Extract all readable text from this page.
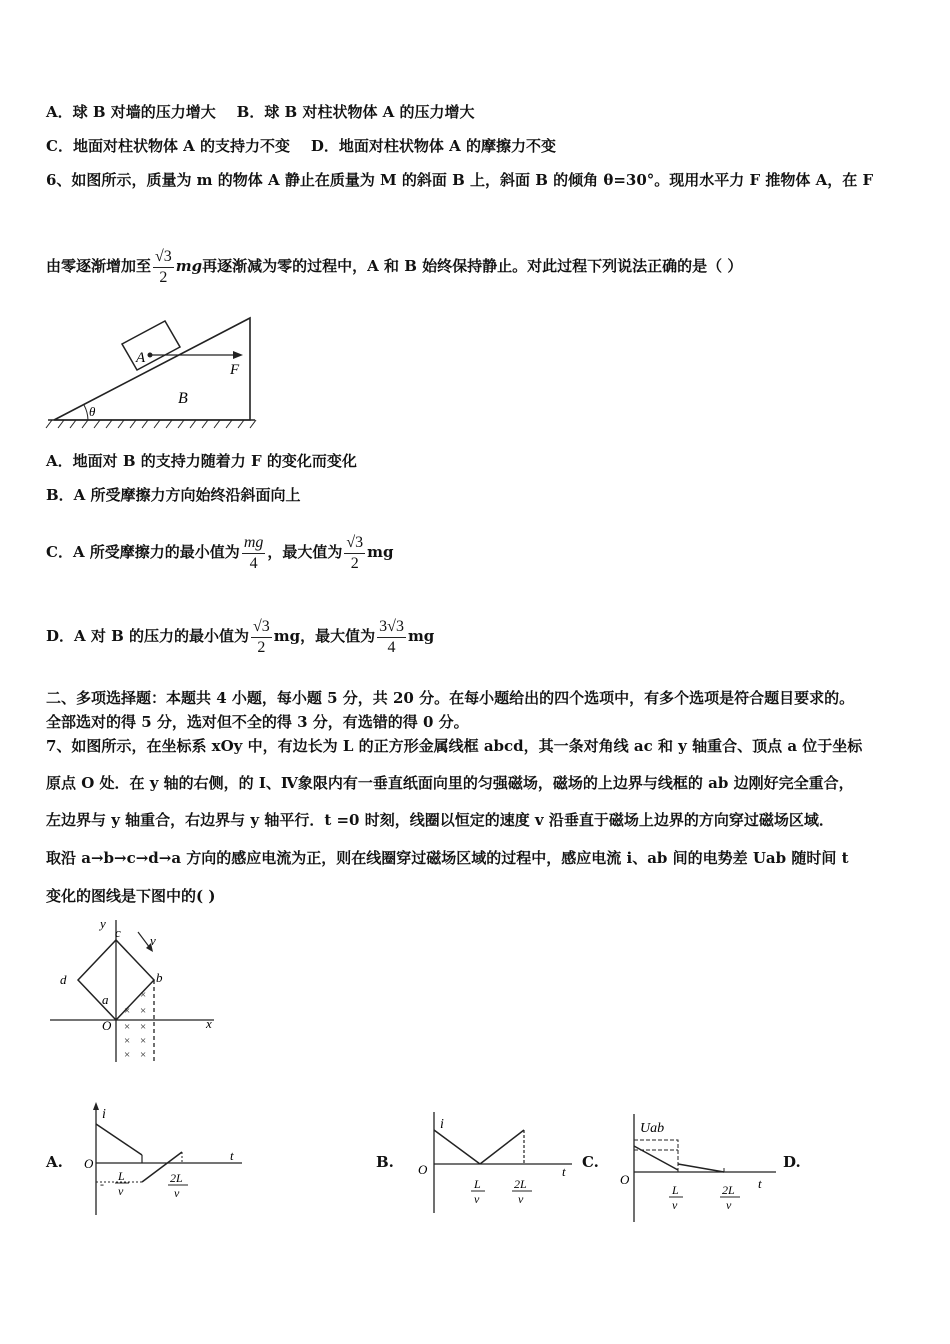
A．球 B 对墙的压力增大 B．球 B 对柱状物体 A 的压力增大
C．地面对柱状物体 A 的支持力不变 D．地面对柱状物体 A 的摩擦力不变
6、如图所示，质量为 m 的物体 A 静止在质量为 M 的斜面 B 上，斜面 B 的倾角 θ=30°。现用水平力 F 推物体 A，在 F
由零逐渐增加至 $\frac{√3}{2}$ mg再逐渐减为零的过程中，A 和 B 始终保持静止。对此过程下列说法正确的是（ ）
A
F
B
θ
A．地面对 B 的支持力随着力 F 的变化而变化
B．A 所受摩擦力方向始终沿斜面向上
C．A 所受摩擦力的最小值为 $\frac{mg}{4}$ ，最大值为 $\frac{√3}{2}$ mg
D．A 对 B 的压力的最小值为 $\frac{√3}{2}$ mg，最大值为 $\frac{3√3}{4}$ mg
二、多项选择题：本题共 4 小题，每小题 5 分，共 20 分。在每小题给出的四个选项中，有多个选项是符合题目要求的。
全部选对的得 5 分，选对但不全的得 3 分，有选错的得 0 分。
7、如图所示，在坐标系 xOy 中，有边长为 L 的正方形金属线框 abcd，其一条对角线 ac 和 y 轴重合、顶点 a 位于坐标
原点 O 处．在 y 轴的右侧，的 I、Ⅳ象限内有一垂直纸面向里的匀强磁场，磁场的上边界与线框的 ab 边刚好完全重合，
左边界与 y 轴重合，右边界与 y 轴平行．t =0 时刻，线圈以恒定的速度 v 沿垂直于磁场上边界的方向穿过磁场区域．
取沿 a→b→c→d→a 方向的感应电流为正，则在线圈穿过磁场区域的过程中，感应电流 i、ab 间的电势差 Uab 随时间 t
变化的图线是下图中的( )
y
x
c
v
d	b
a
O
×
× ×
× ×
× ×
× ×
A.
i
O
t
-
L
v
2L
v
B.
i
O	t
L
v
2L
v
C.
Uab
O	t
L
v
2L
v
D.
